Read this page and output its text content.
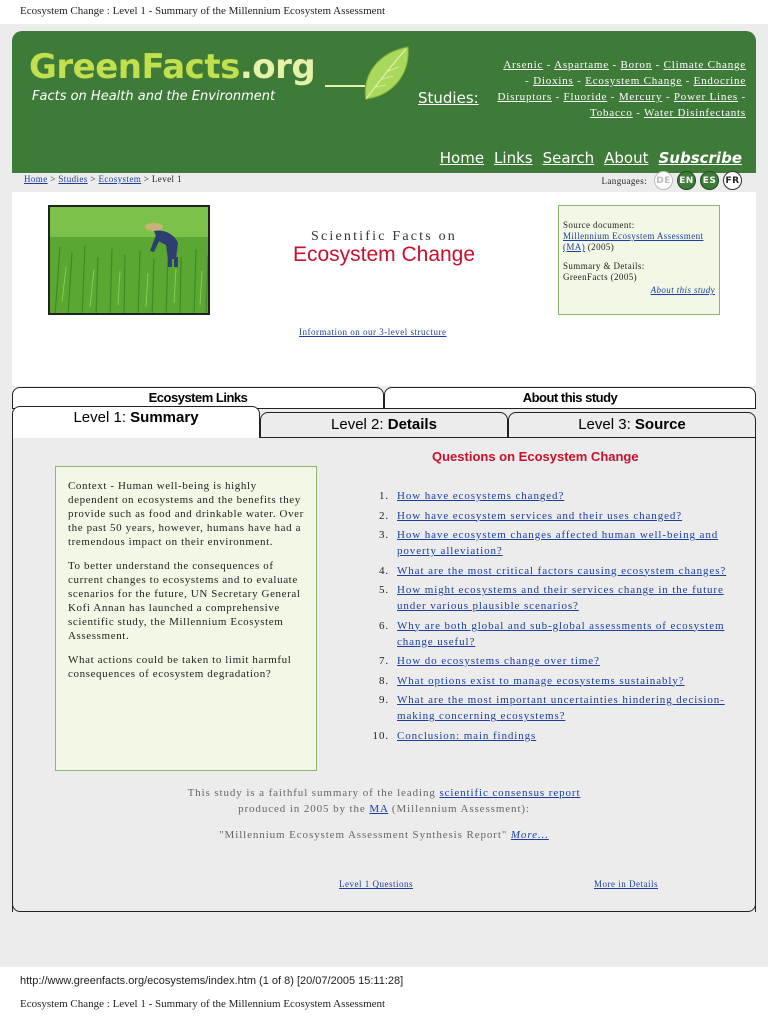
Ecosystem Change : Level 1 - Summary of the Millennium Ecosystem Assessment
GreenFacts.org
Facts on Health and the Environment	Studies:
Arsenic - Aspartame - Boron - Climate Change - Dioxins - Ecosystem Change - Endocrine Disruptors - Fluoride - Mercury - Power Lines - Tobacco - Water Disinfectants
Home Links Search About Subscribe
Home > Studies > Ecosystem > Level 1	Languages: DE EN	ES	FR
Scientific Facts on
Ecosystem Change
Information on our 3-level structure
Source document:
Millennium Ecosystem Assessment (MA) (2005)
Summary & Details:
GreenFacts (2005)
About this study
Ecosystem Links	About this study
Level 1: Summary	Level 2: Details	Level 3: Source

Context - Human well-being is highly dependent on ecosystems and the benefits they provide such as food and drinkable water. Over the past 50 years, however, humans have had a tremendous impact on their environment.

To better understand the consequences of current changes to ecosystems and to evaluate scenarios for the future, UN Secretary General Kofi Annan has launched a comprehensive scientific study, the Millennium Ecosystem Assessment.

What actions could be taken to limit harmful consequences of ecosystem degradation?

Questions on Ecosystem Change
1. How have ecosystems changed?
2. How have ecosystem services and their uses changed?
3. How have ecosystem changes affected human well-being and poverty alleviation?
4. What are the most critical factors causing ecosystem changes?
5. How might ecosystems and their services change in the future under various plausible scenarios?
6. Why are both global and sub-global assessments of ecosystem change useful?
7. How do ecosystems change over time?
8. What options exist to manage ecosystems sustainably?
9. What are the most important uncertainties hindering decision-making concerning ecosystems?
10. Conclusion: main findings
This study is a faithful summary of the leading scientific consensus report
produced in 2005 by the MA (Millennium Assessment):
"Millennium Ecosystem Assessment Synthesis Report" More...
Level 1 Questions	More in Details
http://www.greenfacts.org/ecosystems/index.htm (1 of 8) [20/07/2005 15:11:28]
Ecosystem Change : Level 1 - Summary of the Millennium Ecosystem Assessment
